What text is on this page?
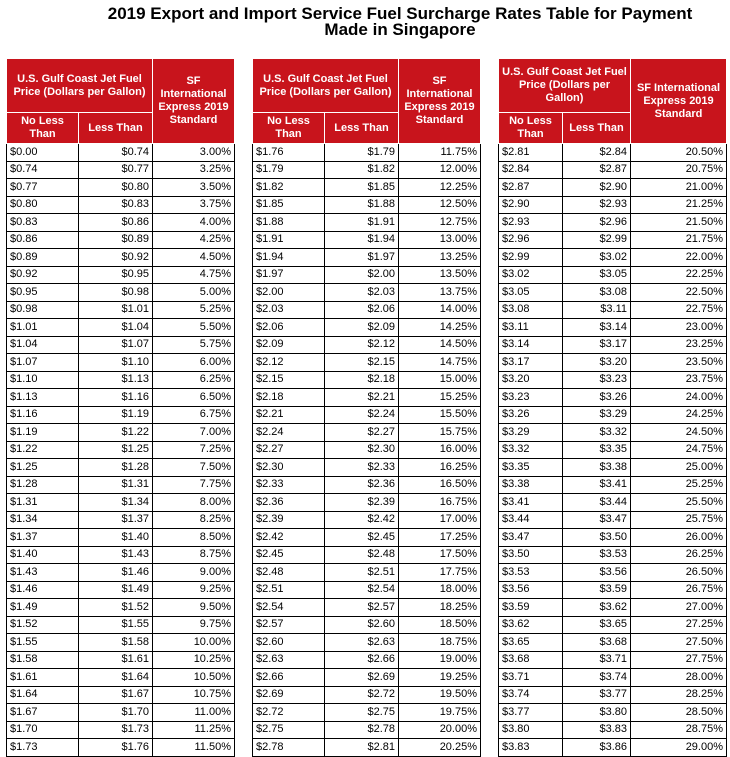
2019 Export and Import Service Fuel Surcharge Rates Table for Payment
Made in Singapore
U.S. Gulf Coast Jet Fuel Price (Dollars per Gallon)		SF International Express 2019 Standard
No Less Than	Less Than	
$0.00	$0.74	3.00%
$0.74	$0.77	3.25%
$0.77	$0.80	3.50%
$0.80	$0.83	3.75%
$0.83	$0.86	4.00%
$0.86	$0.89	4.25%
$0.89	$0.92	4.50%
$0.92	$0.95	4.75%
$0.95	$0.98	5.00%
$0.98	$1.01	5.25%
$1.01	$1.04	5.50%
$1.04	$1.07	5.75%
$1.07	$1.10	6.00%
$1.10	$1.13	6.25%
$1.13	$1.16	6.50%
$1.16	$1.19	6.75%
$1.19	$1.22	7.00%
$1.22	$1.25	7.25%
$1.25	$1.28	7.50%
$1.28	$1.31	7.75%
$1.31	$1.34	8.00%
$1.34	$1.37	8.25%
$1.37	$1.40	8.50%
$1.40	$1.43	8.75%
$1.43	$1.46	9.00%
$1.46	$1.49	9.25%
$1.49	$1.52	9.50%
$1.52	$1.55	9.75%
$1.55	$1.58	10.00%
$1.58	$1.61	10.25%
$1.61	$1.64	10.50%
$1.64	$1.67	10.75%
$1.67	$1.70	11.00%
$1.70	$1.73	11.25%
$1.73	$1.76	11.50%
U.S. Gulf Coast Jet Fuel Price (Dollars per Gallon)		SF International Express 2019 Standard
No Less Than	Less Than	
$1.76	$1.79	11.75%
$1.79	$1.82	12.00%
$1.82	$1.85	12.25%
$1.85	$1.88	12.50%
$1.88	$1.91	12.75%
$1.91	$1.94	13.00%
$1.94	$1.97	13.25%
$1.97	$2.00	13.50%
$2.00	$2.03	13.75%
$2.03	$2.06	14.00%
$2.06	$2.09	14.25%
$2.09	$2.12	14.50%
$2.12	$2.15	14.75%
$2.15	$2.18	15.00%
$2.18	$2.21	15.25%
$2.21	$2.24	15.50%
$2.24	$2.27	15.75%
$2.27	$2.30	16.00%
$2.30	$2.33	16.25%
$2.33	$2.36	16.50%
$2.36	$2.39	16.75%
$2.39	$2.42	17.00%
$2.42	$2.45	17.25%
$2.45	$2.48	17.50%
$2.48	$2.51	17.75%
$2.51	$2.54	18.00%
$2.54	$2.57	18.25%
$2.57	$2.60	18.50%
$2.60	$2.63	18.75%
$2.63	$2.66	19.00%
$2.66	$2.69	19.25%
$2.69	$2.72	19.50%
$2.72	$2.75	19.75%
$2.75	$2.78	20.00%
$2.78	$2.81	20.25%
U.S. Gulf Coast Jet Fuel Price (Dollars per Gallon)		SF International Express 2019 Standard
No Less Than	Less Than	
$2.81	$2.84	20.50%
$2.84	$2.87	20.75%
$2.87	$2.90	21.00%
$2.90	$2.93	21.25%
$2.93	$2.96	21.50%
$2.96	$2.99	21.75%
$2.99	$3.02	22.00%
$3.02	$3.05	22.25%
$3.05	$3.08	22.50%
$3.08	$3.11	22.75%
$3.11	$3.14	23.00%
$3.14	$3.17	23.25%
$3.17	$3.20	23.50%
$3.20	$3.23	23.75%
$3.23	$3.26	24.00%
$3.26	$3.29	24.25%
$3.29	$3.32	24.50%
$3.32	$3.35	24.75%
$3.35	$3.38	25.00%
$3.38	$3.41	25.25%
$3.41	$3.44	25.50%
$3.44	$3.47	25.75%
$3.47	$3.50	26.00%
$3.50	$3.53	26.25%
$3.53	$3.56	26.50%
$3.56	$3.59	26.75%
$3.59	$3.62	27.00%
$3.62	$3.65	27.25%
$3.65	$3.68	27.50%
$3.68	$3.71	27.75%
$3.71	$3.74	28.00%
$3.74	$3.77	28.25%
$3.77	$3.80	28.50%
$3.80	$3.83	28.75%
$3.83	$3.86	29.00%
